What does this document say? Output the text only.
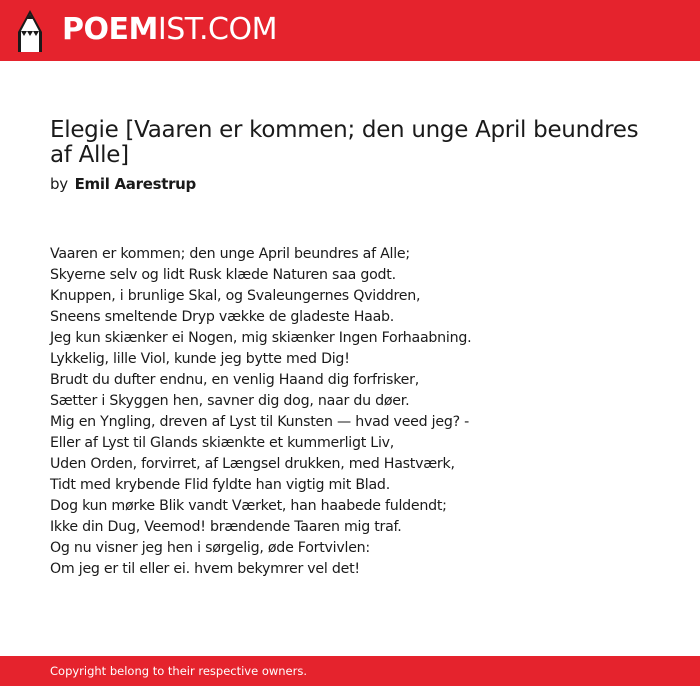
POEMIST.COM
Elegie [Vaaren er kommen; den unge April beundres af Alle]
by Emil Aarestrup
Vaaren er kommen; den unge April beundres af Alle;
Skyerne selv og lidt Rusk klæde Naturen saa godt.
Knuppen, i brunlige Skal, og Svaleungernes Qviddren,
Sneens smeltende Dryp vække de gladeste Haab.
Jeg kun skiænker ei Nogen, mig skiænker Ingen Forhaabning.
Lykkelig, lille Viol, kunde jeg bytte med Dig!
Brudt du dufter endnu, en venlig Haand dig forfrisker,
Sætter i Skyggen hen, savner dig dog, naar du døer.
Mig en Yngling, dreven af Lyst til Kunsten — hvad veed jeg? -
Eller af Lyst til Glands skiænkte et kummerligt Liv,
Uden Orden, forvirret, af Længsel drukken, med Hastværk,
Tidt med krybende Flid fyldte han vigtig mit Blad.
Dog kun mørke Blik vandt Værket, han haabede fuldendt;
Ikke din Dug, Veemod! brændende Taaren mig traf.
Og nu visner jeg hen i sørgelig, øde Fortvivlen:
Om jeg er til eller ei. hvem bekymrer vel det!
Copyright belong to their respective owners.
